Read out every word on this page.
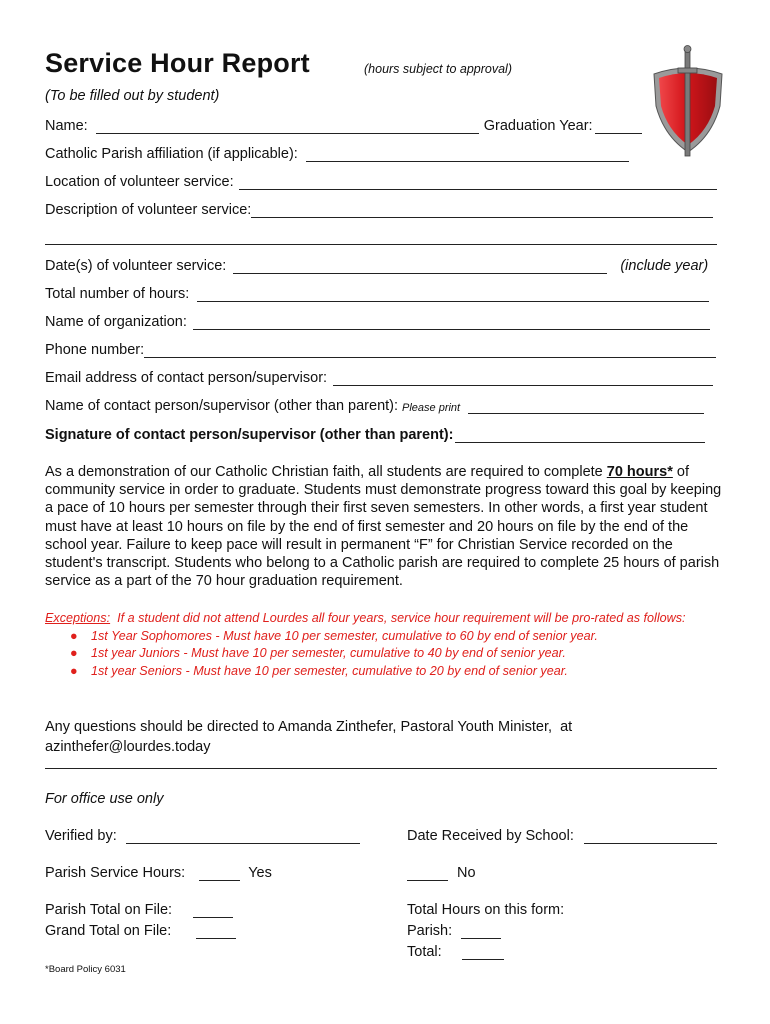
Service Hour Report	(hours subject to approval)
(To be filled out by student)
Name:	Graduation Year:
Catholic Parish affiliation (if applicable):
Location of volunteer service:
Description of volunteer service:
Date(s) of volunteer service:	(include year)
Total number of hours:
Name of organization:
Phone number:
Email address of contact person/supervisor:
Name of contact person/supervisor (other than parent): Please print
Signature of contact person/supervisor (other than parent):
As a demonstration of our Catholic Christian faith, all students are required to complete 70 hours* of community service in order to graduate. Students must demonstrate progress toward this goal by keeping a pace of 10 hours per semester through their first seven semesters. In other words, a first year student must have at least 10 hours on file by the end of first semester and 20 hours on file by the end of the school year. Failure to keep pace will result in permanent “F” for Christian Service recorded on the student's transcript. Students who belong to a Catholic parish are required to complete 25 hours of parish service as a part of the 70 hour graduation requirement.
Exceptions:  If a student did not attend Lourdes all four years, service hour requirement will be pro-rated as follows:
● 1st Year Sophomores - Must have 10 per semester, cumulative to 60 by end of senior year.
● 1st year Juniors - Must have 10 per semester, cumulative to 40 by end of senior year.
● 1st year Seniors - Must have 10 per semester, cumulative to 20 by end of senior year.
Any questions should be directed to Amanda Zinthefer, Pastoral Youth Minister,  at
azinthefer@lourdes.today
For office use only
Verified by:	Date Received by School:
Parish Service Hours:	Yes	No
Parish Total on File:
Grand Total on File:
Total Hours on this form:
Parish:
Total:
*Board Policy 6031
